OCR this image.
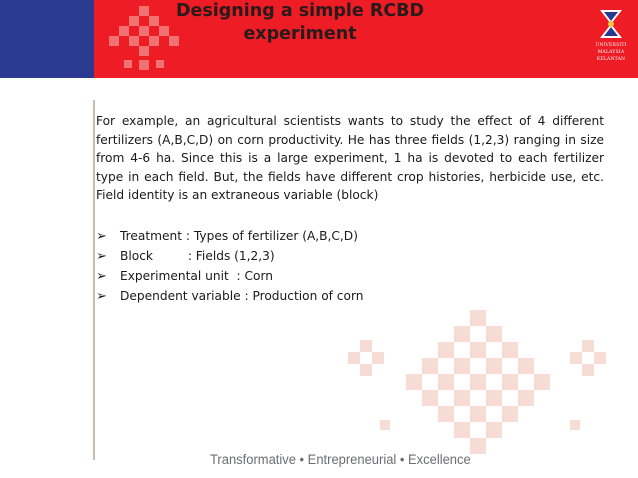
Designing a simple RCBD
experiment
UNIVERSITI
MALAYSIA
KELANTAN

For example, an agricultural scientists wants to study the effect of 4 different fertilizers (A,B,C,D) on corn productivity. He has three fields (1,2,3) ranging in size from 4-6 ha. Since this is a large experiment, 1 ha is devoted to each fertilizer type in each field. But, the fields have different crop histories, herbicide use, etc. Field identity is an extraneous variable (block)

➢	Treatment : Types of fertilizer (A,B,C,D)
➢	Block         : Fields (1,2,3)
➢	Experimental unit  : Corn
➢	Dependent variable : Production of corn
Transformative • Entrepreneurial • Excellence
